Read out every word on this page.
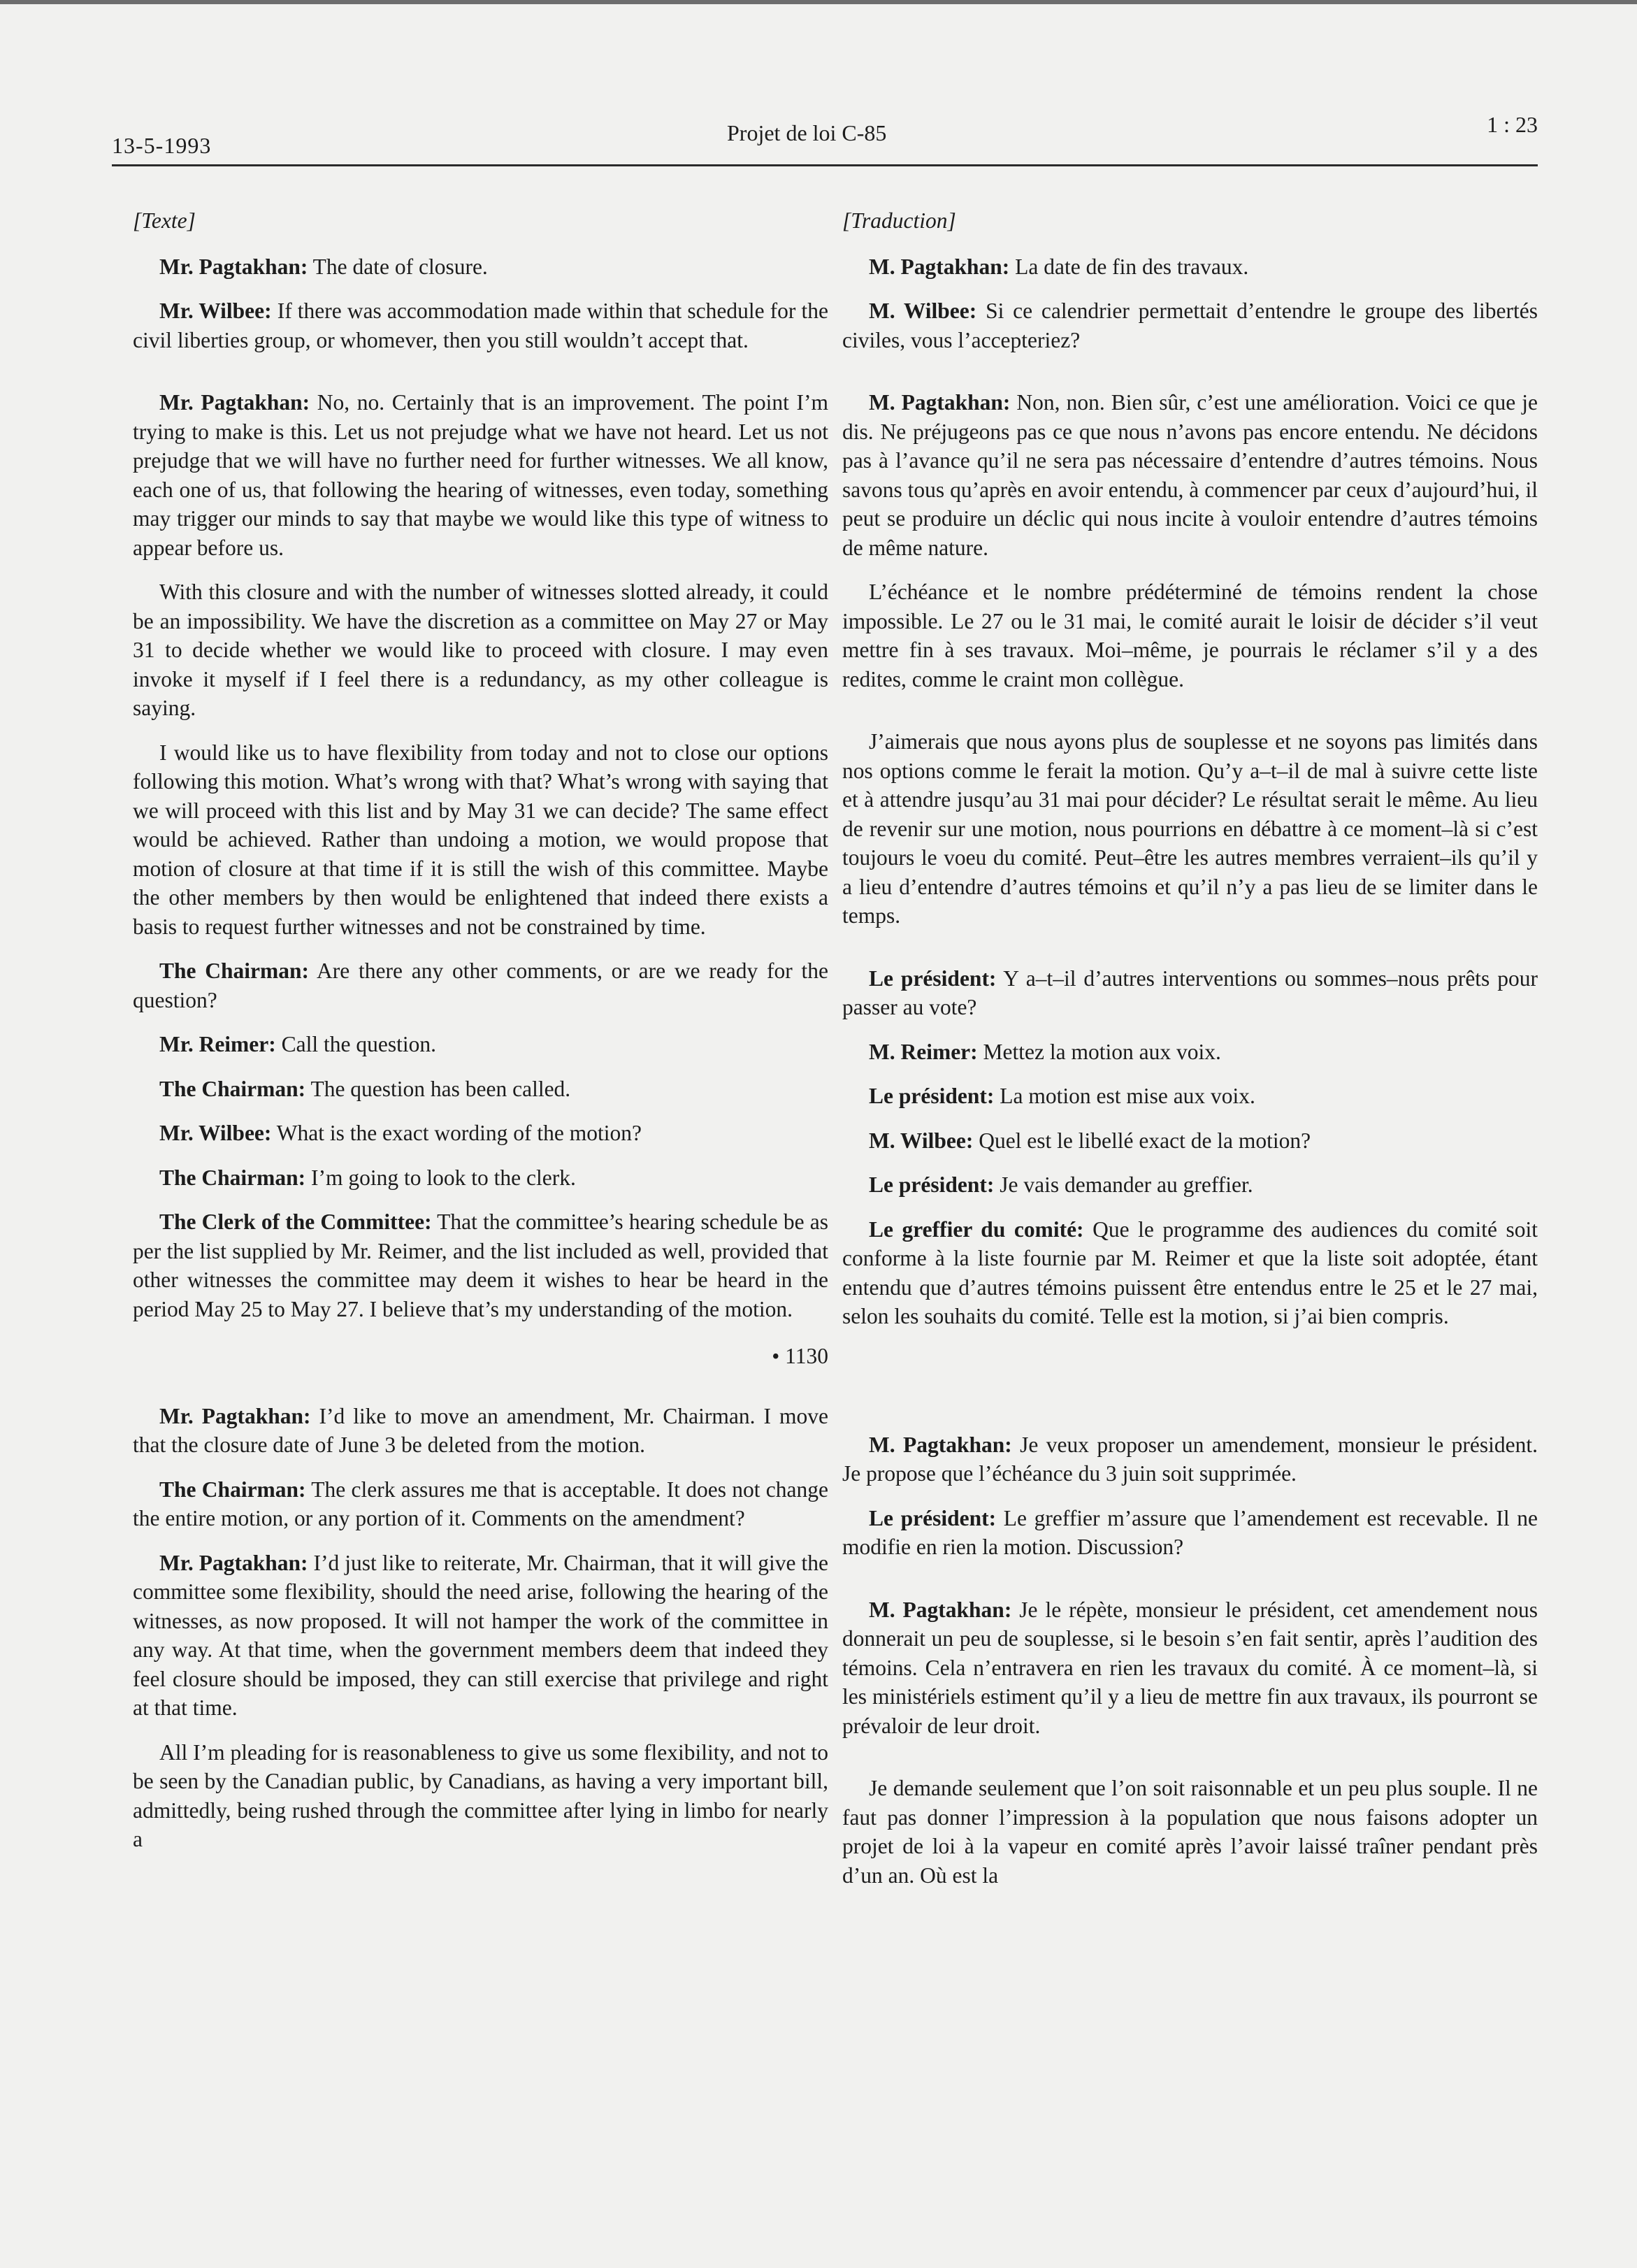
13-5-1993	Projet de loi C-85	1 : 23
[Texte]

Mr. Pagtakhan: The date of closure.

Mr. Wilbee: If there was accommodation made within that schedule for the civil liberties group, or whomever, then you still wouldn’t accept that.

Mr. Pagtakhan: No, no. Certainly that is an improvement. The point I’m trying to make is this. Let us not prejudge what we have not heard. Let us not prejudge that we will have no further need for further witnesses. We all know, each one of us, that following the hearing of witnesses, even today, something may trigger our minds to say that maybe we would like this type of witness to appear before us.

With this closure and with the number of witnesses slotted already, it could be an impossibility. We have the discretion as a committee on May 27 or May 31 to decide whether we would like to proceed with closure. I may even invoke it myself if I feel there is a redundancy, as my other colleague is saying.

I would like us to have flexibility from today and not to close our options following this motion. What’s wrong with that? What’s wrong with saying that we will proceed with this list and by May 31 we can decide? The same effect would be achieved. Rather than undoing a motion, we would propose that motion of closure at that time if it is still the wish of this committee. Maybe the other members by then would be enlightened that indeed there exists a basis to request further witnesses and not be constrained by time.

The Chairman: Are there any other comments, or are we ready for the question?

Mr. Reimer: Call the question.

The Chairman: The question has been called.

Mr. Wilbee: What is the exact wording of the motion?

The Chairman: I’m going to look to the clerk.

The Clerk of the Committee: That the committee’s hearing schedule be as per the list supplied by Mr. Reimer, and the list included as well, provided that other witnesses the committee may deem it wishes to hear be heard in the period May 25 to May 27. I believe that’s my understanding of the motion.

• 1130

Mr. Pagtakhan: I’d like to move an amendment, Mr. Chairman. I move that the closure date of June 3 be deleted from the motion.

The Chairman: The clerk assures me that is acceptable. It does not change the entire motion, or any portion of it. Comments on the amendment?

Mr. Pagtakhan: I’d just like to reiterate, Mr. Chairman, that it will give the committee some flexibility, should the need arise, following the hearing of the witnesses, as now proposed. It will not hamper the work of the committee in any way. At that time, when the government members deem that indeed they feel closure should be imposed, they can still exercise that privilege and right at that time.

All I’m pleading for is reasonableness to give us some flexibility, and not to be seen by the Canadian public, by Canadians, as having a very important bill, admittedly, being rushed through the committee after lying in limbo for nearly a

[Traduction]

M. Pagtakhan: La date de fin des travaux.

M. Wilbee: Si ce calendrier permettait d’entendre le groupe des libertés civiles, vous l’accepteriez?

M. Pagtakhan: Non, non. Bien sûr, c’est une amélioration. Voici ce que je dis. Ne préjugeons pas ce que nous n’avons pas encore entendu. Ne décidons pas à l’avance qu’il ne sera pas nécessaire d’entendre d’autres témoins. Nous savons tous qu’après en avoir entendu, à commencer par ceux d’aujourd’hui, il peut se produire un déclic qui nous incite à vouloir entendre d’autres témoins de même nature.

L’échéance et le nombre prédéterminé de témoins rendent la chose impossible. Le 27 ou le 31 mai, le comité aurait le loisir de décider s’il veut mettre fin à ses travaux. Moi–même, je pourrais le réclamer s’il y a des redites, comme le craint mon collègue.

J’aimerais que nous ayons plus de souplesse et ne soyons pas limités dans nos options comme le ferait la motion. Qu’y a–t–il de mal à suivre cette liste et à attendre jusqu’au 31 mai pour décider? Le résultat serait le même. Au lieu de revenir sur une motion, nous pourrions en débattre à ce moment–là si c’est toujours le voeu du comité. Peut–être les autres membres verraient–ils qu’il y a lieu d’entendre d’autres témoins et qu’il n’y a pas lieu de se limiter dans le temps.

Le président: Y a–t–il d’autres interventions ou sommes–nous prêts pour passer au vote?

M. Reimer: Mettez la motion aux voix.

Le président: La motion est mise aux voix.

M. Wilbee: Quel est le libellé exact de la motion?

Le président: Je vais demander au greffier.

Le greffier du comité: Que le programme des audiences du comité soit conforme à la liste fournie par M. Reimer et que la liste soit adoptée, étant entendu que d’autres témoins puissent être entendus entre le 25 et le 27 mai, selon les souhaits du comité. Telle est la motion, si j’ai bien compris.

M. Pagtakhan: Je veux proposer un amendement, monsieur le président. Je propose que l’échéance du 3 juin soit supprimée.

Le président: Le greffier m’assure que l’amendement est recevable. Il ne modifie en rien la motion. Discussion?

M. Pagtakhan: Je le répète, monsieur le président, cet amendement nous donnerait un peu de souplesse, si le besoin s’en fait sentir, après l’audition des témoins. Cela n’entravera en rien les travaux du comité. À ce moment–là, si les ministériels estiment qu’il y a lieu de mettre fin aux travaux, ils pourront se prévaloir de leur droit.

Je demande seulement que l’on soit raisonnable et un peu plus souple. Il ne faut pas donner l’impression à la population que nous faisons adopter un projet de loi à la vapeur en comité après l’avoir laissé traîner pendant près d’un an. Où est la
